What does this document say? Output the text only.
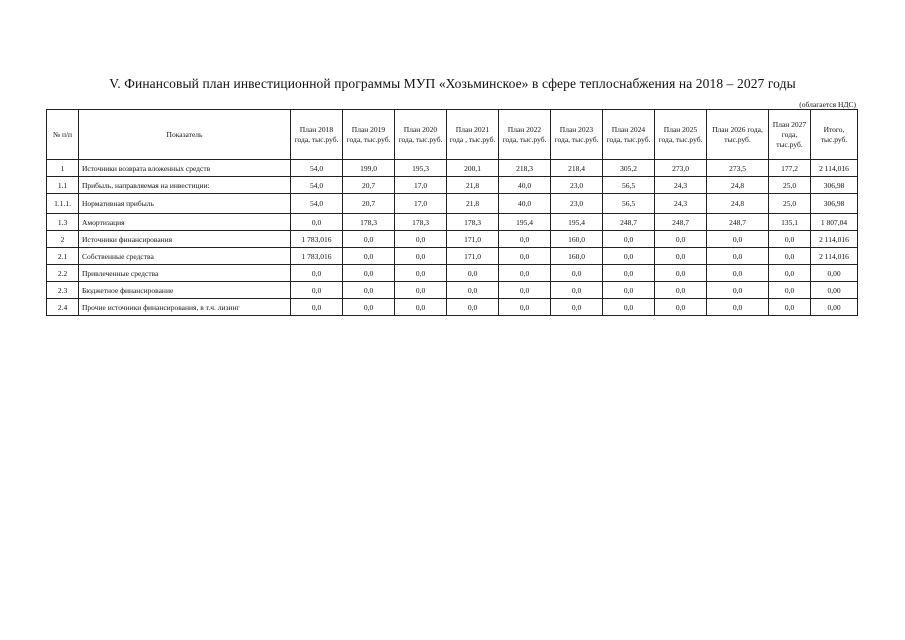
V. Финансовый план инвестиционной программы МУП «Хозьминское» в сфере теплоснабжения на 2018 – 2027 годы
(облагается НДС)
№ п/п	Показатель	План 2018 года, тыс.руб.	План 2019 года, тыс.руб.	План 2020 года, тыс.руб.	План 2021 года , тыс.руб.	План 2022 года, тыс.руб.	План 2023 года, тыс.руб.	План 2024 года, тыс.руб.	План 2025 года, тыс.руб.	План 2026 года, тыс.руб.	План 2027 года, тыс.руб.	Итого, тыс.руб.
1	Источники возврата вложенных средств	54,0	199,0	195,3	200,1	218,3	218,4	305,2	273,0	273,5	177,2	2 114,016
1.1	Прибыль, направляемая на инвестиции:	54,0	20,7	17,0	21,8	40,0	23,0	56,5	24,3	24,8	25,0	306,98
1.1.1.	Нормативная прибыль	54,0	20,7	17,0	21,8	40,0	23,0	56,5	24,3	24,8	25,0	306,98
1.3	Амортизация	0,0	178,3	178,3	178,3	195,4	195,4	248,7	248,7	248,7	135,1	1 807,04
2	Источники финансирования	1 783,016	0,0	0,0	171,0	0,0	160,0	0,0	0,0	0,0	0,0	2 114,016
2.1	Собственные средства	1 783,016	0,0	0,0	171,0	0,0	160,0	0,0	0,0	0,0	0,0	2 114,016
2.2	Привлеченные средства	0,0	0,0	0,0	0,0	0,0	0,0	0,0	0,0	0,0	0,0	0,00
2.3	Бюджетное финансирование	0,0	0,0	0,0	0,0	0,0	0,0	0,0	0,0	0,0	0,0	0,00
2.4	Прочие источники финансирования, в т.ч. лизинг	0,0	0,0	0,0	0,0	0,0	0,0	0,0	0,0	0,0	0,0	0,00
